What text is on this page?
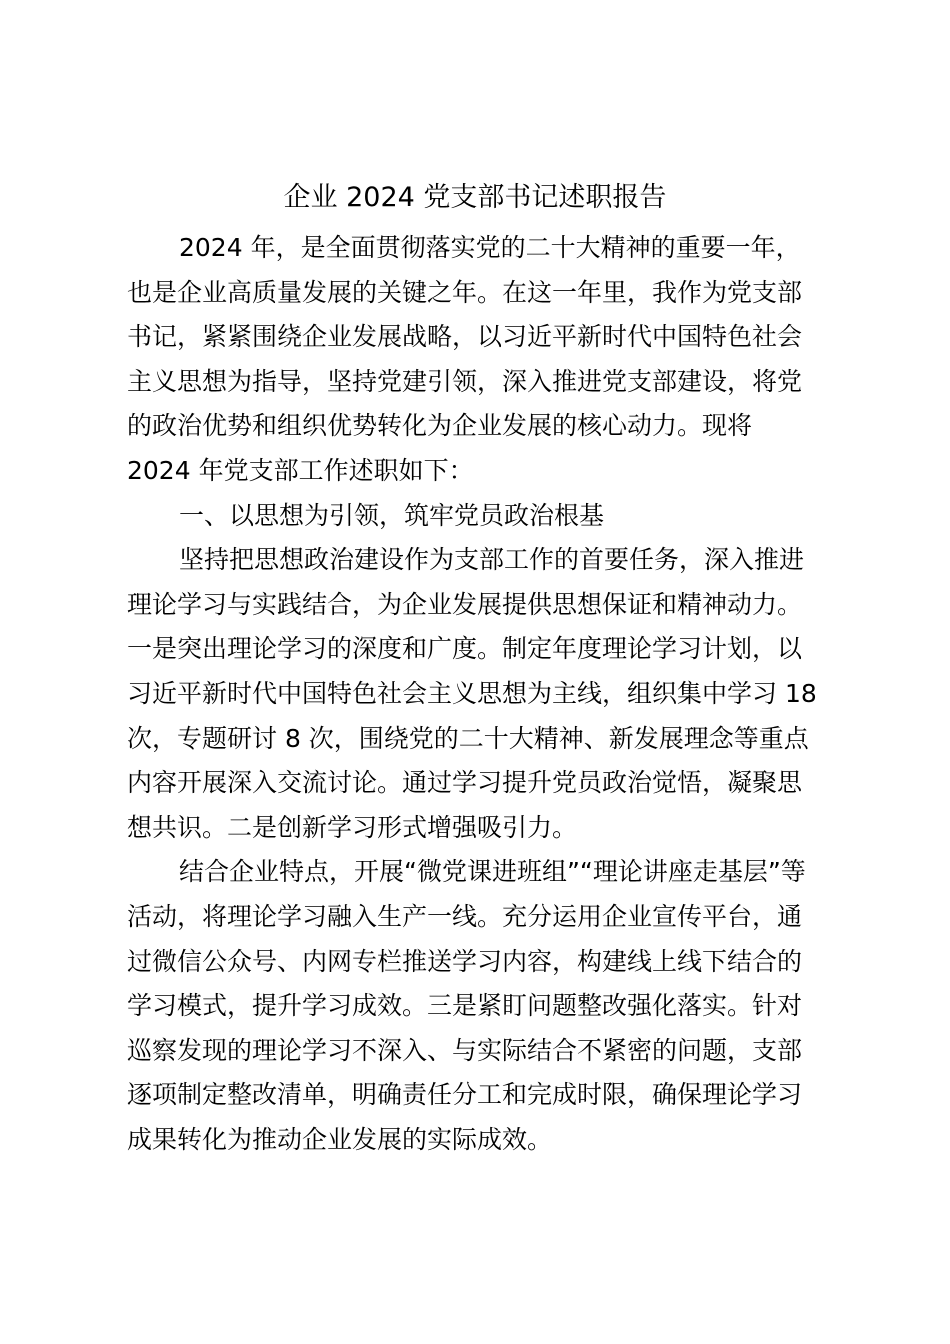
企业 2024 党支部书记述职报告
2024 年，是全面贯彻落实党的二十大精神的重要一年，
也是企业高质量发展的关键之年。在这一年里，我作为党支部
书记，紧紧围绕企业发展战略，以习近平新时代中国特色社会
主义思想为指导，坚持党建引领，深入推进党支部建设，将党
的政治优势和组织优势转化为企业发展的核心动力。现将
2024 年党支部工作述职如下：
一、以思想为引领，筑牢党员政治根基
坚持把思想政治建设作为支部工作的首要任务，深入推进
理论学习与实践结合，为企业发展提供思想保证和精神动力。
一是突出理论学习的深度和广度。制定年度理论学习计划，以
习近平新时代中国特色社会主义思想为主线，组织集中学习 18
次，专题研讨 8 次，围绕党的二十大精神、新发展理念等重点
内容开展深入交流讨论。通过学习提升党员政治觉悟，凝聚思
想共识。二是创新学习形式增强吸引力。
结合企业特点，开展“微党课进班组”“理论讲座走基层”等
活动，将理论学习融入生产一线。充分运用企业宣传平台，通
过微信公众号、内网专栏推送学习内容，构建线上线下结合的
学习模式，提升学习成效。三是紧盯问题整改强化落实。针对
巡察发现的理论学习不深入、与实际结合不紧密的问题，支部
逐项制定整改清单，明确责任分工和完成时限，确保理论学习
成果转化为推动企业发展的实际成效。
